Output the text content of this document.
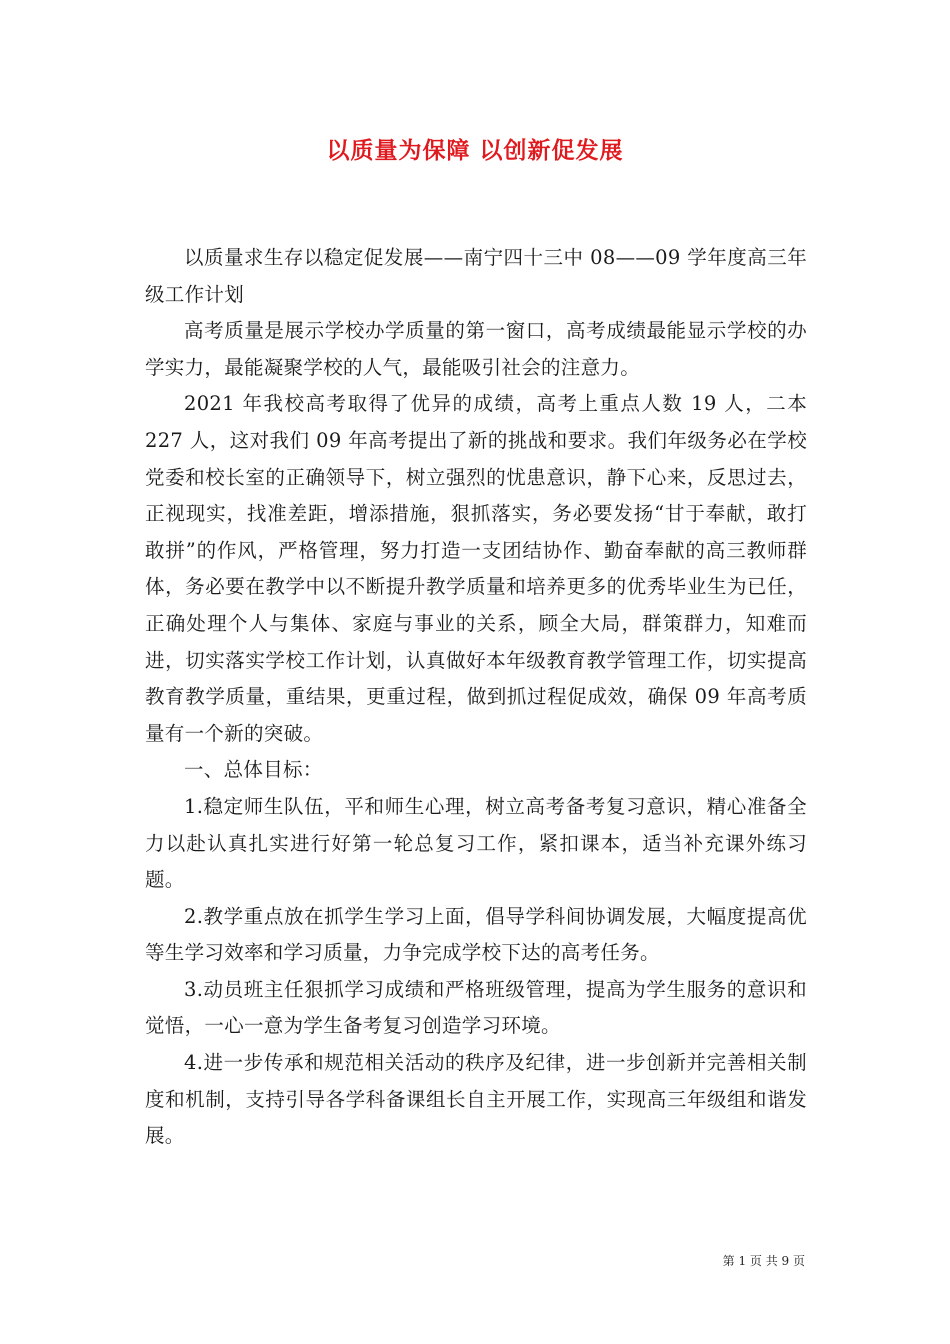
以质量为保障 以创新促发展

以质量求生存以稳定促发展——南宁四十三中 08——09 学年度高三年级工作计划

高考质量是展示学校办学质量的第一窗口，高考成绩最能显示学校的办学实力，最能凝聚学校的人气，最能吸引社会的注意力。

2021 年我校高考取得了优异的成绩，高考上重点人数 19 人，二本 227 人，这对我们 09 年高考提出了新的挑战和要求。我们年级务必在学校党委和校长室的正确领导下，树立强烈的忧患意识，静下心来，反思过去，正视现实，找准差距，增添措施，狠抓落实，务必要发扬“甘于奉献，敢打敢拼”的作风，严格管理，努力打造一支团结协作、勤奋奉献的高三教师群体，务必要在教学中以不断提升教学质量和培养更多的优秀毕业生为已任，正确处理个人与集体、家庭与事业的关系，顾全大局，群策群力，知难而进，切实落实学校工作计划，认真做好本年级教育教学管理工作，切实提高教育教学质量，重结果，更重过程，做到抓过程促成效，确保 09 年高考质量有一个新的突破。

一、总体目标：

1.稳定师生队伍，平和师生心理，树立高考备考复习意识，精心准备全力以赴认真扎实进行好第一轮总复习工作，紧扣课本，适当补充课外练习题。

2.教学重点放在抓学生学习上面，倡导学科间协调发展，大幅度提高优等生学习效率和学习质量，力争完成学校下达的高考任务。

3.动员班主任狠抓学习成绩和严格班级管理，提高为学生服务的意识和觉悟，一心一意为学生备考复习创造学习环境。

4.进一步传承和规范相关活动的秩序及纪律，进一步创新并完善相关制度和机制，支持引导各学科备课组长自主开展工作，实现高三年级组和谐发展。

第 1 页 共 9 页
